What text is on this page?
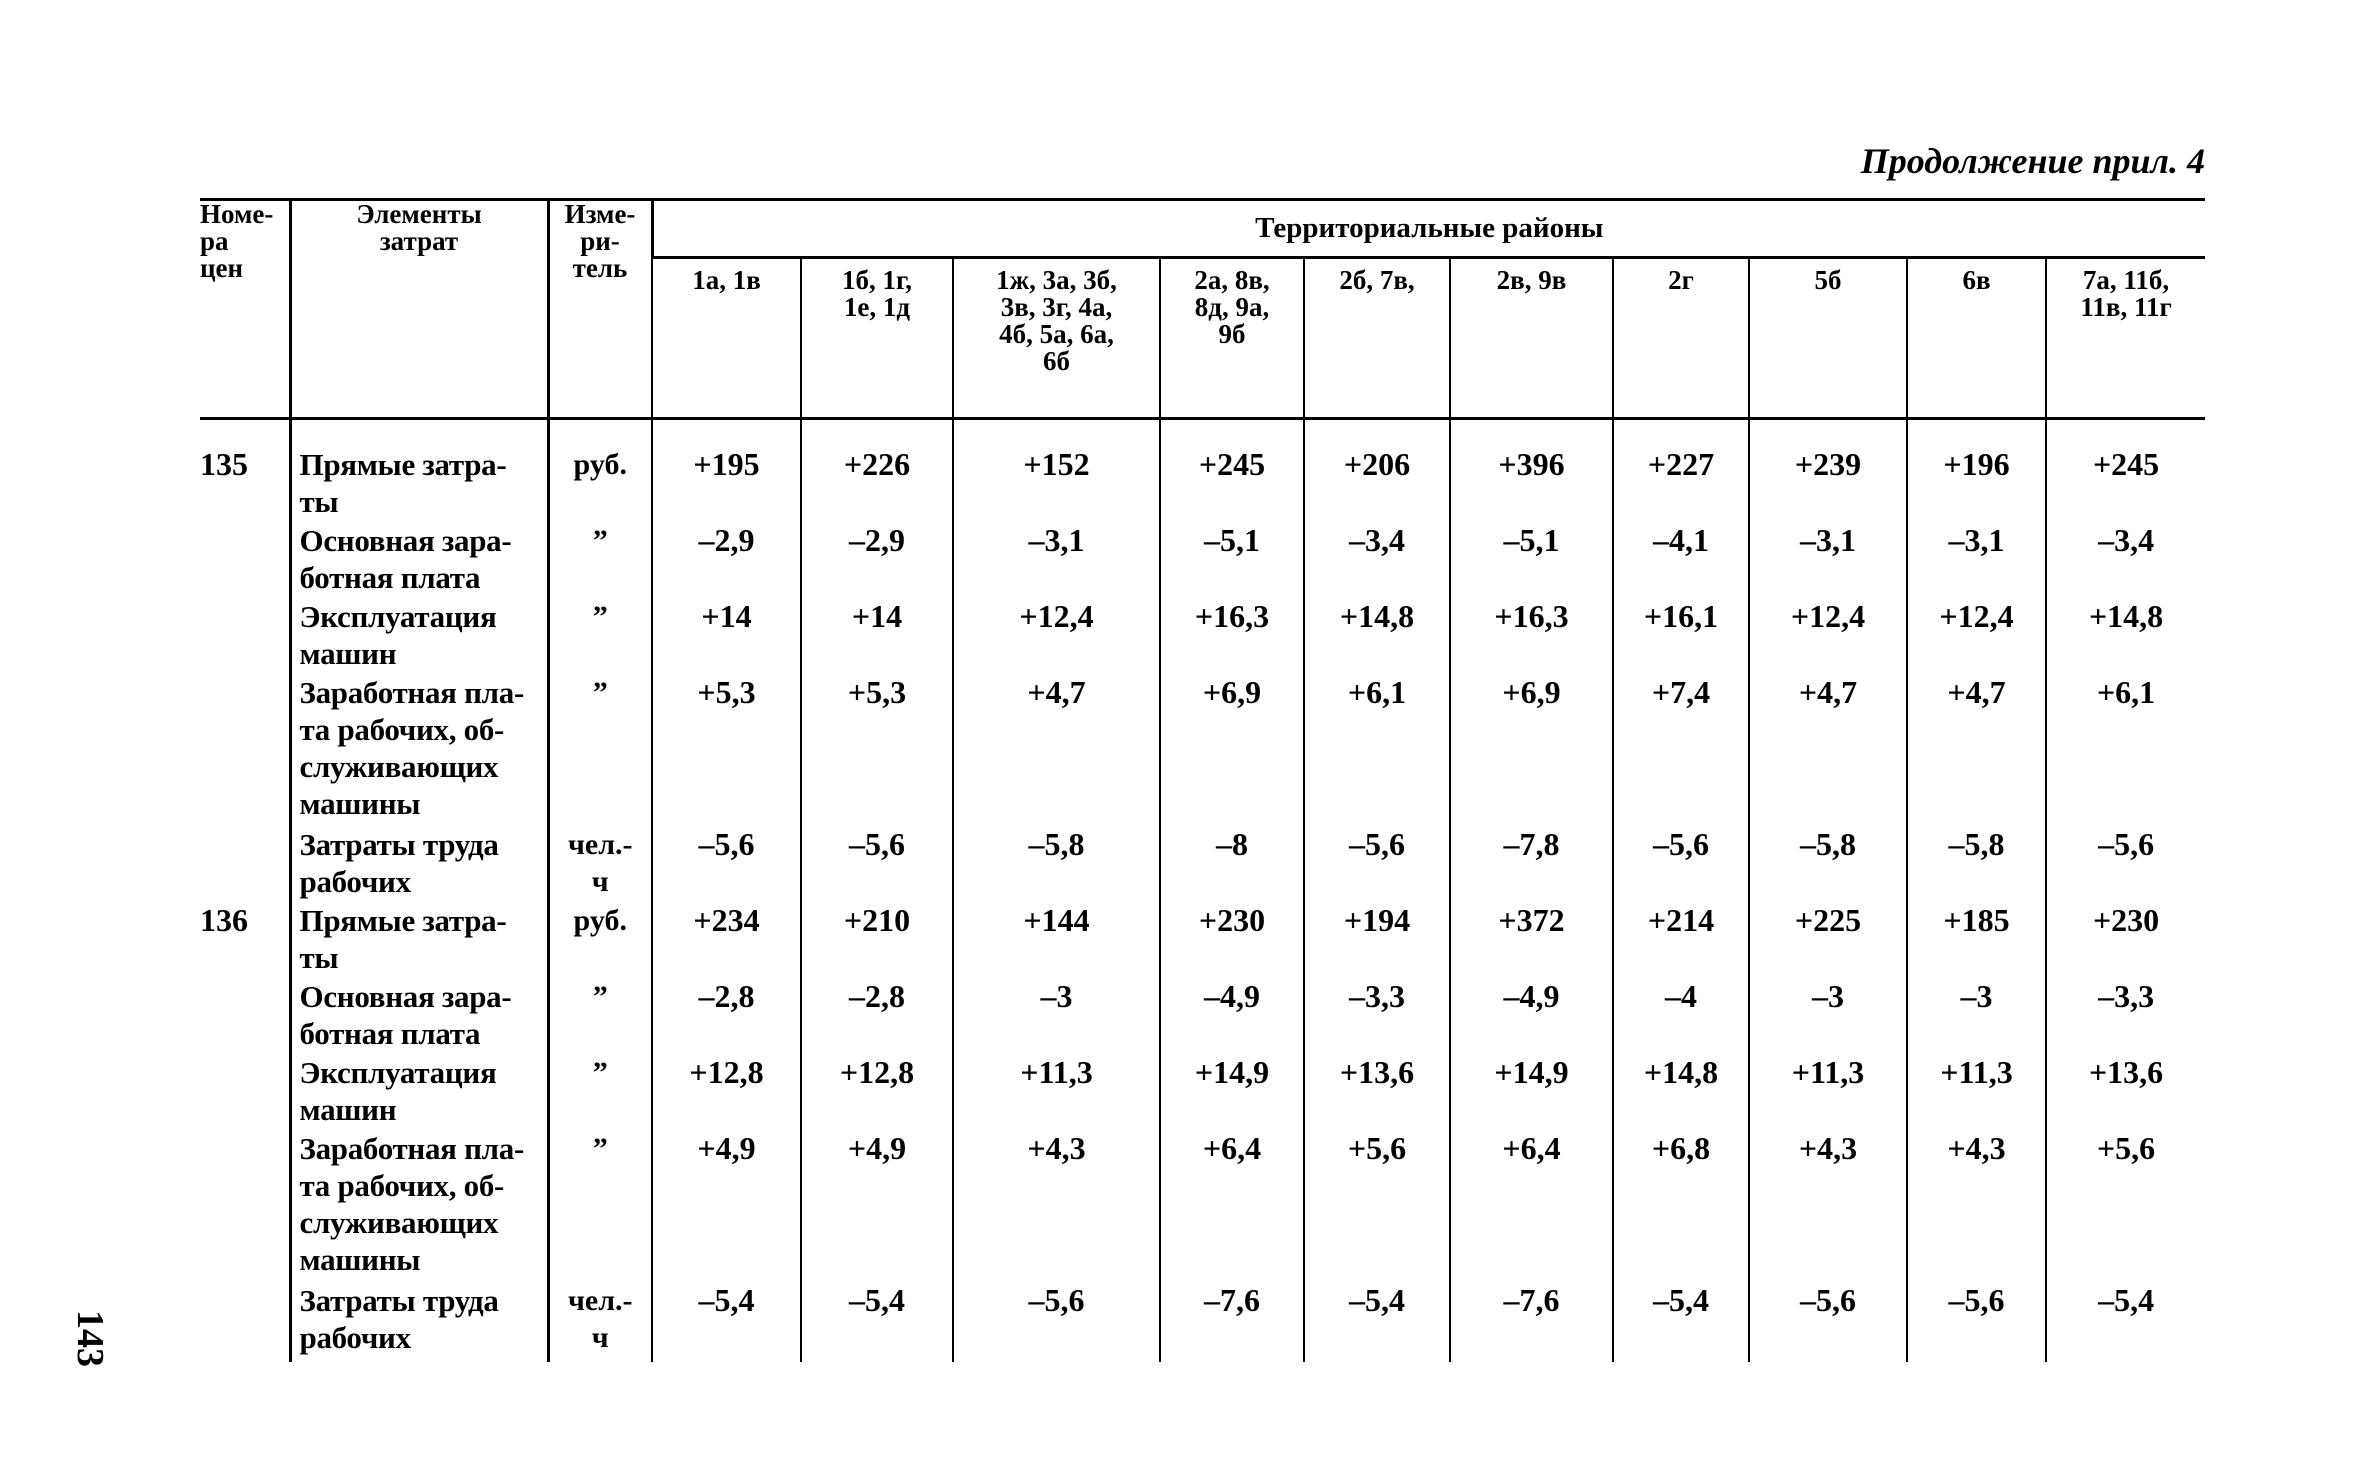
Продолжение прил. 4
143
Номе-
ра
цен	Элементы
затрат	Изме-
ри-
тель	Территориальные районы									
			1а, 1в	1б, 1г,
1е, 1д	1ж, 3а, 3б,
3в, 3г, 4а,
4б, 5а, 6а,
6б	2а, 8в,
8д, 9а,
9б	2б, 7в,	2в, 9в	2г	5б	6в	7а, 11б,
11в, 11г
135	Прямые затра-
ты	руб.	+195	+226	+152	+245	+206	+396	+227	+239	+196	+245
	Основная зара-
ботная плата	”	–2,9	–2,9	–3,1	–5,1	–3,4	–5,1	–4,1	–3,1	–3,1	–3,4
	Эксплуатация
машин	”	+14	+14	+12,4	+16,3	+14,8	+16,3	+16,1	+12,4	+12,4	+14,8
	Заработная пла-
та рабочих, об-
служивающих
машины	”	+5,3	+5,3	+4,7	+6,9	+6,1	+6,9	+7,4	+4,7	+4,7	+6,1
	Затраты труда
рабочих	чел.-
ч	–5,6	–5,6	–5,8	–8	–5,6	–7,8	–5,6	–5,8	–5,8	–5,6
136	Прямые затра-
ты	руб.	+234	+210	+144	+230	+194	+372	+214	+225	+185	+230
	Основная зара-
ботная плата	”	–2,8	–2,8	–3	–4,9	–3,3	–4,9	–4	–3	–3	–3,3
	Эксплуатация
машин	”	+12,8	+12,8	+11,3	+14,9	+13,6	+14,9	+14,8	+11,3	+11,3	+13,6
	Заработная пла-
та рабочих, об-
служивающих
машины	”	+4,9	+4,9	+4,3	+6,4	+5,6	+6,4	+6,8	+4,3	+4,3	+5,6
	Затраты труда
рабочих	чел.-
ч	–5,4	–5,4	–5,6	–7,6	–5,4	–7,6	–5,4	–5,6	–5,6	–5,4
